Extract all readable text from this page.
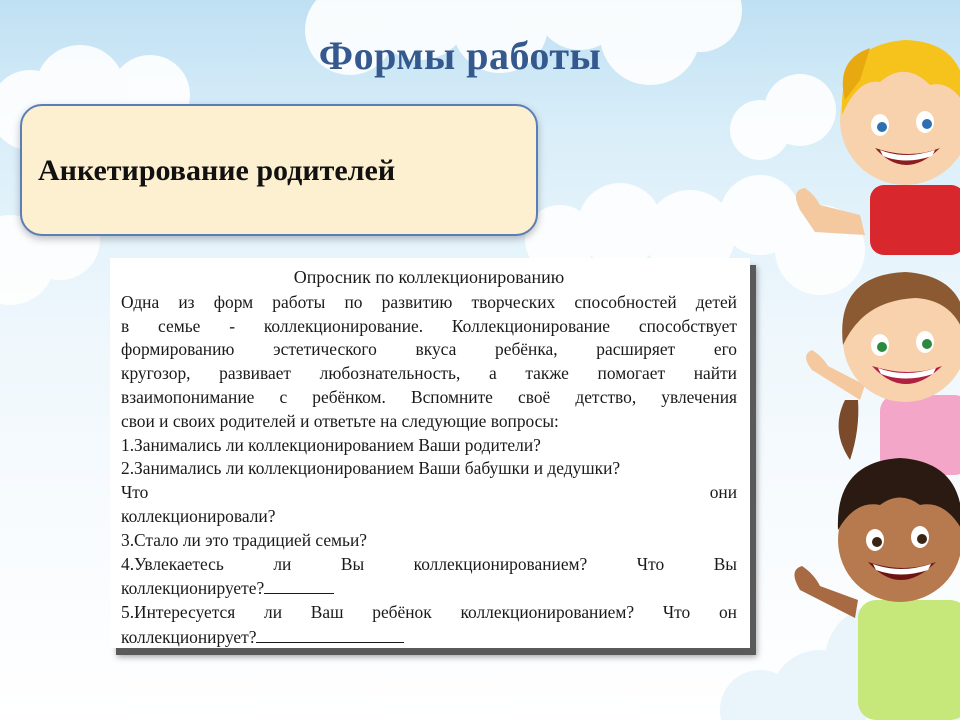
Формы работы
Анкетирование родителей
Опросник по коллекционированию
Одна из форм работы по развитию творческих способностей детей
в семье - коллекционирование. Коллекционирование способствует
формированию эстетического вкуса ребёнка, расширяет его
кругозор, развивает любознательность, а также помогает найти
взаимопонимание с ребёнком. Вспомните своё детство, увлечения
свои и своих родителей и ответьте на следующие вопросы:
1.Занимались ли коллекционированием Ваши родители?
2.Занимались ли коллекционированием Ваши бабушки и дедушки?
Что	они
коллекционировали?
3.Стало ли это традицией семьи?
4.Увлекаетесь ли Вы коллекционированием? Что Вы
коллекционируете?
5.Интересуется ли Ваш ребёнок коллекционированием? Что он
коллекционирует?
